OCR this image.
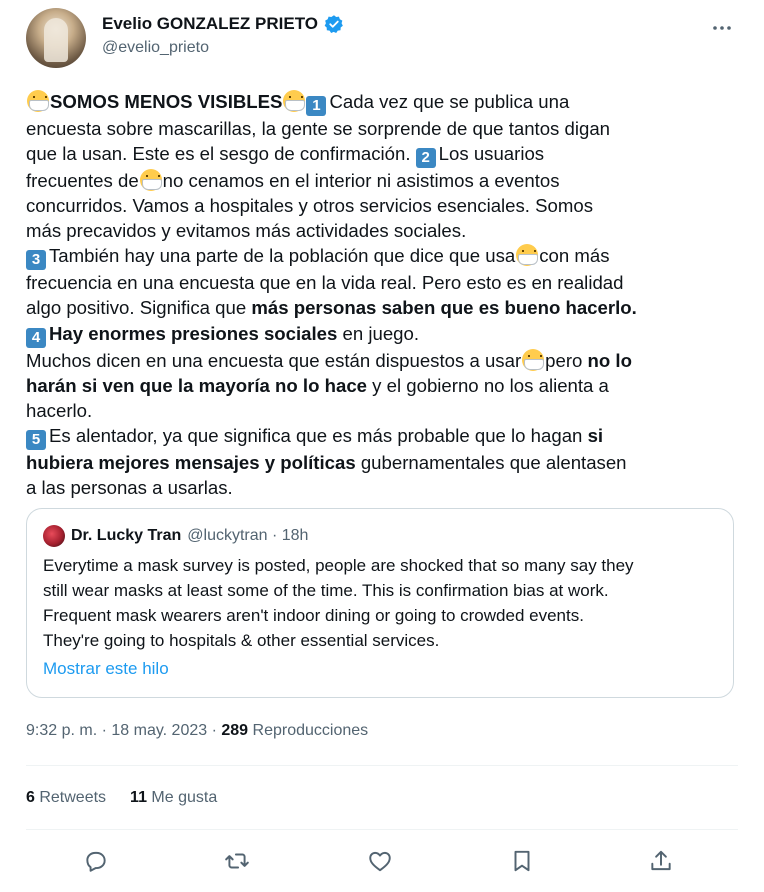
Evelio GONZALEZ PRIETO
@evelio_prieto

SOMOS MENOS VISIBLES 1 Cada vez que se publica una

encuesta sobre mascarillas, la gente se sorprende de que tantos digan

que la usan. Este es el sesgo de confirmación. 2 Los usuarios

frecuentes de no cenamos en el interior ni asistimos a eventos

concurridos. Vamos a hospitales y otros servicios esenciales. Somos

más precavidos y evitamos más actividades sociales.

3 También hay una parte de la población que dice que usa con más

frecuencia en una encuesta que en la vida real. Pero esto es en realidad

algo positivo. Significa que más personas saben que es bueno hacerlo.

4 Hay enormes presiones sociales en juego.

Muchos dicen en una encuesta que están dispuestos a usar pero no lo

harán si ven que la mayoría no lo hace y el gobierno no los alienta a

hacerlo.

5 Es alentador, ya que significa que es más probable que lo hagan si

hubiera mejores mensajes y políticas gubernamentales que alentasen

a las personas a usarlas.

Dr. Lucky Tran @luckytran · 18h

Everytime a mask survey is posted, people are shocked that so many say they

still wear masks at least some of the time. This is confirmation bias at work.

Frequent mask wearers aren't indoor dining or going to crowded events.

They're going to hospitals & other essential services.

Mostrar este hilo
9:32 p. m. · 18 may. 2023 · 289 Reproducciones
6 Retweets 11 Me gusta
